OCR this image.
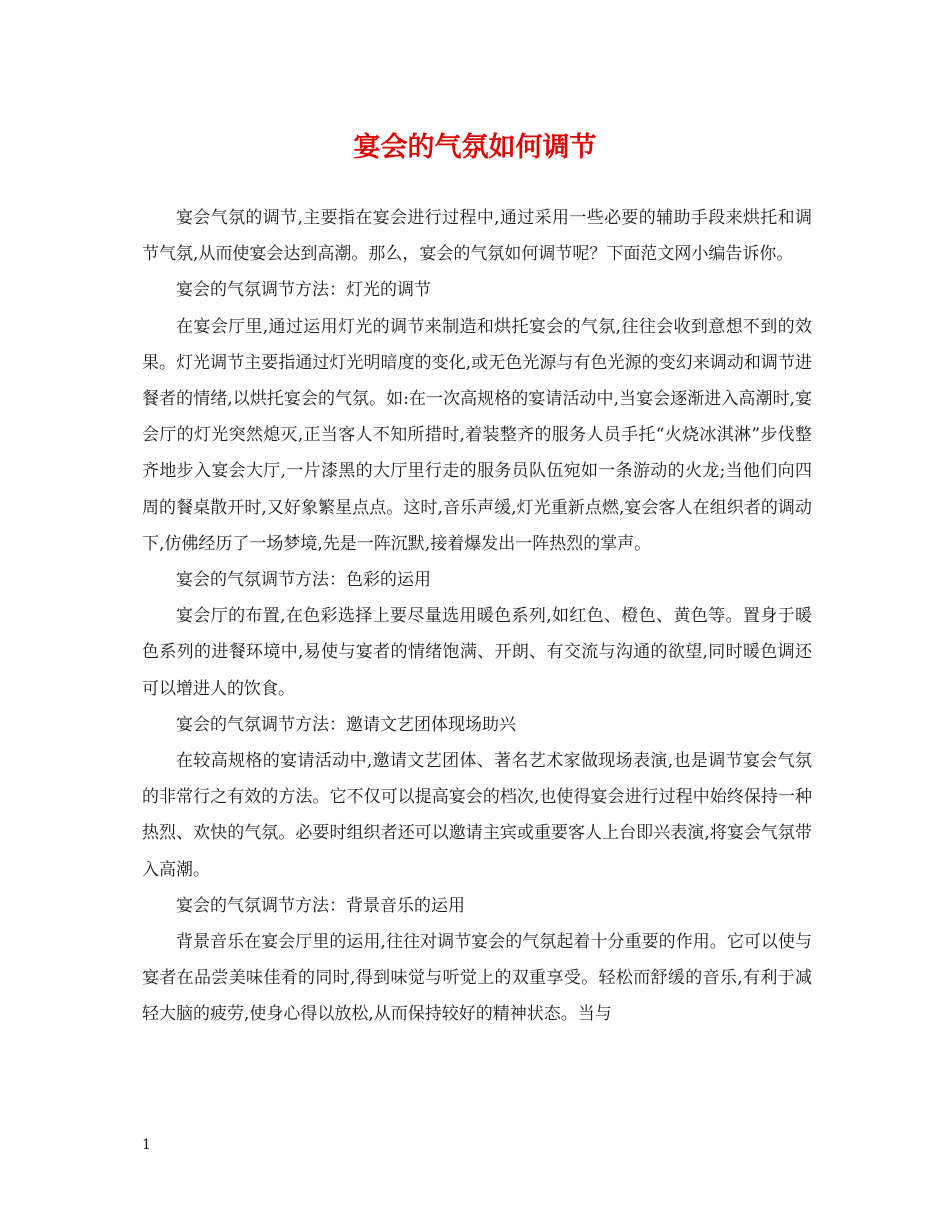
宴会的气氛如何调节

宴会气氛的调节,主要指在宴会进行过程中,通过采用一些必要的辅助手段来烘托和调节气氛,从而使宴会达到高潮。那么，宴会的气氛如何调节呢？下面范文网小编告诉你。

宴会的气氛调节方法：灯光的调节

在宴会厅里,通过运用灯光的调节来制造和烘托宴会的气氛,往往会收到意想不到的效果。灯光调节主要指通过灯光明暗度的变化,或无色光源与有色光源的变幻来调动和调节进餐者的情绪,以烘托宴会的气氛。如:在一次高规格的宴请活动中,当宴会逐渐进入高潮时,宴会厅的灯光突然熄灭,正当客人不知所措时,着装整齐的服务人员手托“火烧冰淇淋”步伐整齐地步入宴会大厅,一片漆黑的大厅里行走的服务员队伍宛如一条游动的火龙;当他们向四周的餐桌散开时,又好象繁星点点。这时,音乐声缓,灯光重新点燃,宴会客人在组织者的调动下,仿佛经历了一场梦境,先是一阵沉默,接着爆发出一阵热烈的掌声。

宴会的气氛调节方法：色彩的运用

宴会厅的布置,在色彩选择上要尽量选用暖色系列,如红色、橙色、黄色等。置身于暖色系列的进餐环境中,易使与宴者的情绪饱满、开朗、有交流与沟通的欲望,同时暖色调还可以增进人的饮食。

宴会的气氛调节方法：邀请文艺团体现场助兴

在较高规格的宴请活动中,邀请文艺团体、著名艺术家做现场表演,也是调节宴会气氛的非常行之有效的方法。它不仅可以提高宴会的档次,也使得宴会进行过程中始终保持一种热烈、欢快的气氛。必要时组织者还可以邀请主宾或重要客人上台即兴表演,将宴会气氛带入高潮。

宴会的气氛调节方法：背景音乐的运用

背景音乐在宴会厅里的运用,往往对调节宴会的气氛起着十分重要的作用。它可以使与宴者在品尝美味佳肴的同时,得到味觉与听觉上的双重享受。轻松而舒缓的音乐,有利于减轻大脑的疲劳,使身心得以放松,从而保持较好的精神状态。当与

1
